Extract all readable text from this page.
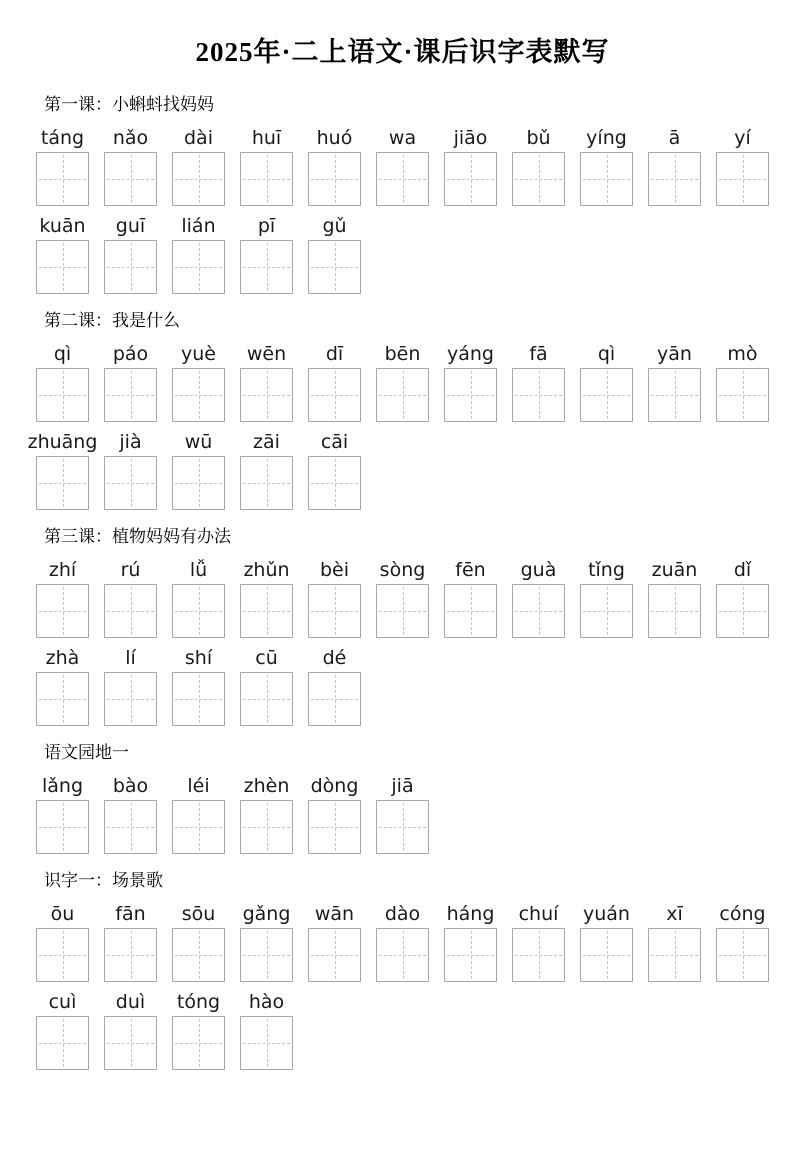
2025年·二上语文·课后识字表默写
第一课：小蝌蚪找妈妈
táng nǎo dài huī huó wa jiāo bǔ yíng ā	yí
kuān guī lián pī gǔ
第二课：我是什么
qì páo yuè wēn dī bēn yáng fā	qì yān mò
zhuāng jià wū zāi cāi
第三课：植物妈妈有办法
zhí rú	lǚ zhǔn bèi sòng fēn guà tǐng zuān dǐ
zhà lí	shí cū dé
语文园地一
lǎng bào léi zhèn dòng jiā
识字一：场景歌
ōu fān sōu gǎng wān dào háng chuí yuán xī cóng
cuì duì tóng hào
